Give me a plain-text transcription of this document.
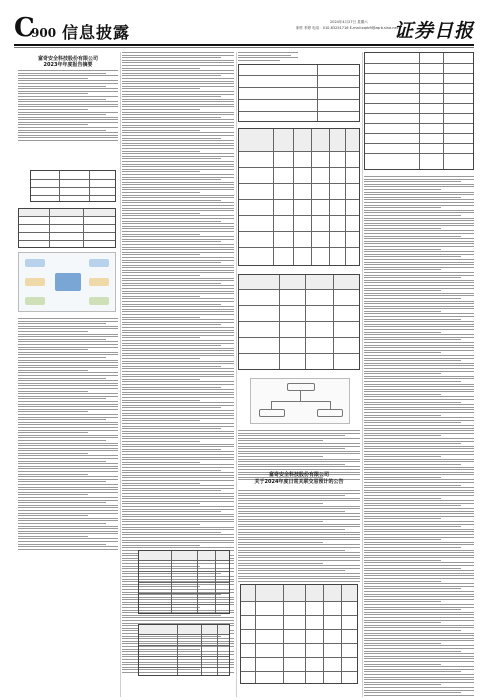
C
900 信息披露
2024年4月27日 星期六
制作 李婷 电话：010-83251716 E-mail:zqrb9@zqrb.sina.net
证券日报
富奇安全科技股份有限公司
2023年年度报告摘要
富奇安全科技股份有限公司
关于2024年度日常关联交易预计的公告
